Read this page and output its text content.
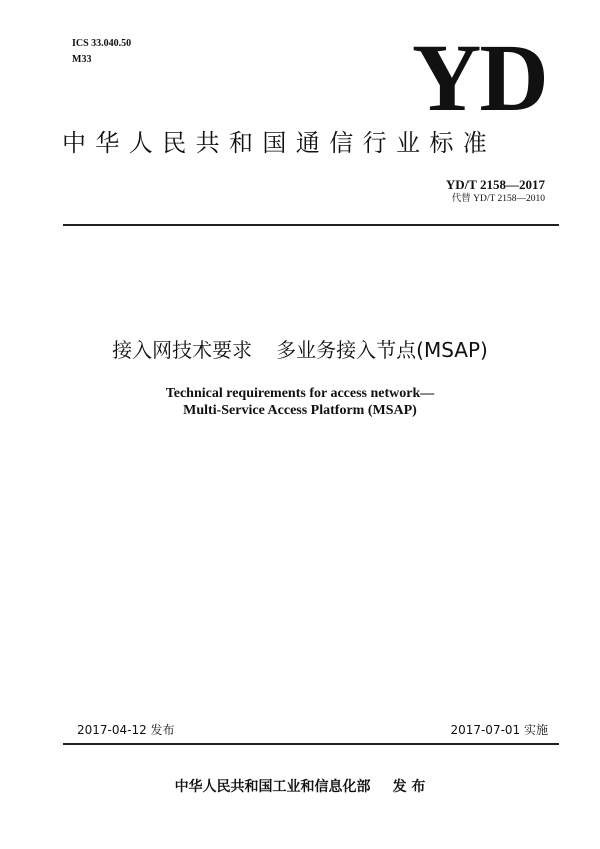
ICS 33.040.50
M33	YD
中华人民共和国通信行业标准
YD/T 2158—2017
代替 YD/T 2158—2010
接入网技术要求 多业务接入节点(MSAP)
Technical requirements for access network—
Multi-Service Access Platform (MSAP)
2017-04-12 发布	2017-07-01 实施
中华人民共和国工业和信息化部 发 布
